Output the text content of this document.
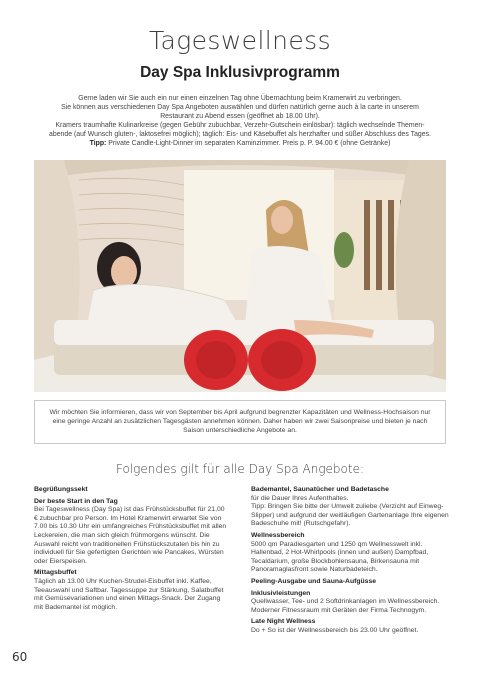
Tageswellness
Day Spa Inklusivprogramm

Gerne laden wir Sie auch ein nur einen einzelnen Tag ohne Übernachtung beim Kramerwirt zu verbringen.

Sie können aus verschiedenen Day Spa Angeboten auswählen und dürfen natürlich gerne auch à la carte in unserem

Restaurant zu Abend essen (geöffnet ab 18.00 Uhr).

Kramers traumhafte Kulinarkreise (gegen Gebühr zubuchbar, Verzehr-Gutschein einlösbar): täglich wechselnde Themen-

abende (auf Wunsch gluten-, laktosefrei möglich); täglich: Eis- und Käsebuffet als herzhafter und süßer Abschluss des Tages.

Tipp: Private Candle-Light-Dinner im separaten Kaminzimmer. Preis p. P. 94.00 € (ohne Getränke)

Wir möchten Sie informieren, dass wir von September bis April aufgrund begrenzter Kapazitäten und Wellness-Hochsaison nur eine geringe Anzahl an zusätzlichen Tagesgästen annehmen können. Daher haben wir zwei Saisonpreise und bieten je nach Saison unterschiedliche Angebote an.
Folgendes gilt für alle Day Spa Angebote:
Begrüßungssekt
Der beste Start in den Tag

Bei Tageswellness (Day Spa) ist das Frühstücksbuffet für 21,00 € zubuchbar pro Person. Im Hotel Kramerwirt erwartet Sie von 7.00 bis 10.30 Uhr ein umfangreiches Frühstücksbuffet mit allen Leckereien, die man sich gleich frühmorgens wünscht. Die Auswahl reicht von traditionellen Frühstückszutaten bis hin zu individuell für Sie gefertigten Gerichten wie Pancakes, Würsten oder Eierspeisen.

Mittagsbuffet

Täglich ab 13.00 Uhr Kuchen-Strudel-Eisbuffet inkl. Kaffee, Teeauswahl und Saftbar. Tagessuppe zur Stärkung, Salatbuffet mit Gemüsevariationen und einen Mittags-Snack. Der Zugang mit Bademantel ist möglich.

Bademantel, Saunatücher und Badetasche

für die Dauer Ihres Aufenthaltes.

Tipp: Bringen Sie bitte der Umwelt zuliebe (Verzicht auf Einweg-Slipper) und aufgrund der weitläufigen Gartenanlage Ihre eigenen Badeschuhe mit! (Rutschgefahr).

Wellnessbereich

5000 qm Paradiesgarten und 1250 qm Wellnesswelt inkl. Hallenbad, 2 Hot-Whirlpools (innen und außen) Dampfbad, Tecaldarium, große Blockbohlensauna, Birkensauna mit Panoramaglasfront sowie Naturbadeteich.

Peeling-Ausgabe und Sauna-Aufgüsse
Inklusivleistungen

Quellwasser, Tee- und 2 Softdrinkanlagen im Wellnessbereich.

Moderner Fitnessraum mit Geräten der Firma Technogym.

Late Night Wellness

Do + So ist der Wellnessbereich bis 23.00 Uhr geöffnet.

60
